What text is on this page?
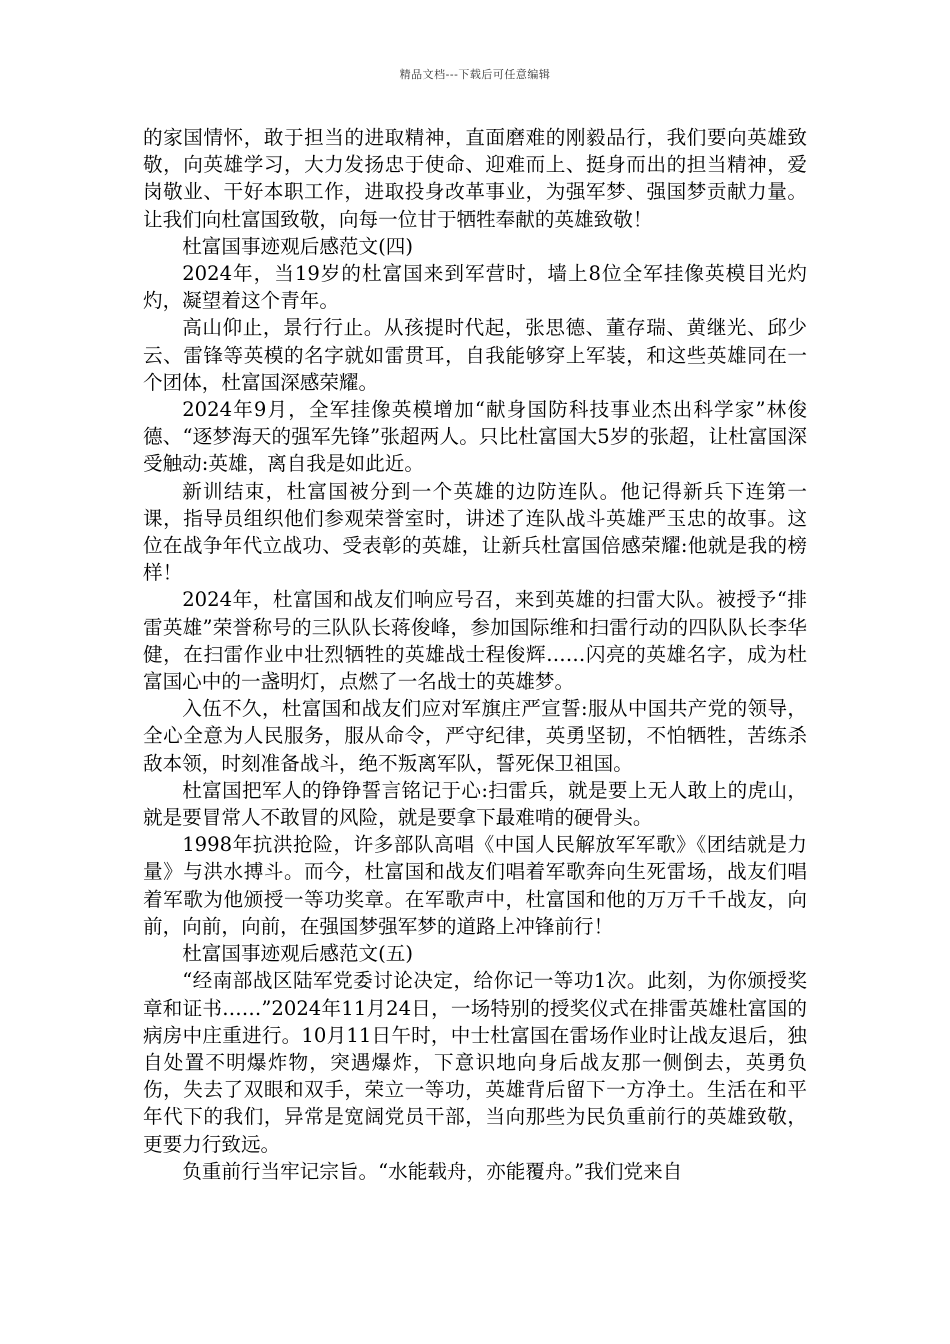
精品文档---下载后可任意编辑

的家国情怀，敢于担当的进取精神，直面磨难的刚毅品行，我们要向英雄致敬，向英雄学习，大力发扬忠于使命、迎难而上、挺身而出的担当精神，爱岗敬业、干好本职工作，进取投身改革事业，为强军梦、强国梦贡献力量。让我们向杜富国致敬，向每一位甘于牺牲奉献的英雄致敬！

杜富国事迹观后感范文(四)

2024年，当19岁的杜富国来到军营时，墙上8位全军挂像英模目光灼灼，凝望着这个青年。

高山仰止，景行行止。从孩提时代起，张思德、董存瑞、黄继光、邱少云、雷锋等英模的名字就如雷贯耳，自我能够穿上军装，和这些英雄同在一个团体，杜富国深感荣耀。

2024年9月，全军挂像英模增加“献身国防科技事业杰出科学家”林俊德、“逐梦海天的强军先锋”张超两人。只比杜富国大5岁的张超，让杜富国深受触动:英雄，离自我是如此近。

新训结束，杜富国被分到一个英雄的边防连队。他记得新兵下连第一课，指导员组织他们参观荣誉室时，讲述了连队战斗英雄严玉忠的故事。这位在战争年代立战功、受表彰的英雄，让新兵杜富国倍感荣耀:他就是我的榜样！

2024年，杜富国和战友们响应号召，来到英雄的扫雷大队。被授予“排雷英雄”荣誉称号的三队队长蒋俊峰，参加国际维和扫雷行动的四队队长李华健，在扫雷作业中壮烈牺牲的英雄战士程俊辉……闪亮的英雄名字，成为杜富国心中的一盏明灯，点燃了一名战士的英雄梦。

入伍不久，杜富国和战友们应对军旗庄严宣誓:服从中国共产党的领导，全心全意为人民服务，服从命令，严守纪律，英勇坚韧，不怕牺牲，苦练杀敌本领，时刻准备战斗，绝不叛离军队，誓死保卫祖国。

杜富国把军人的铮铮誓言铭记于心:扫雷兵，就是要上无人敢上的虎山，就是要冒常人不敢冒的风险，就是要拿下最难啃的硬骨头。

1998年抗洪抢险，许多部队高唱《中国人民解放军军歌》《团结就是力量》与洪水搏斗。而今，杜富国和战友们唱着军歌奔向生死雷场，战友们唱着军歌为他颁授一等功奖章。在军歌声中，杜富国和他的万万千千战友，向前，向前，向前，在强国梦强军梦的道路上冲锋前行！

杜富国事迹观后感范文(五)

“经南部战区陆军党委讨论决定，给你记一等功1次。此刻，为你颁授奖章和证书……”2024年11月24日，一场特别的授奖仪式在排雷英雄杜富国的病房中庄重进行。10月11日午时，中士杜富国在雷场作业时让战友退后，独自处置不明爆炸物，突遇爆炸，下意识地向身后战友那一侧倒去，英勇负伤，失去了双眼和双手，荣立一等功，英雄背后留下一方净土。生活在和平年代下的我们，异常是宽阔党员干部，当向那些为民负重前行的英雄致敬，更要力行致远。

负重前行当牢记宗旨。“水能载舟，亦能覆舟。”我们党来自
